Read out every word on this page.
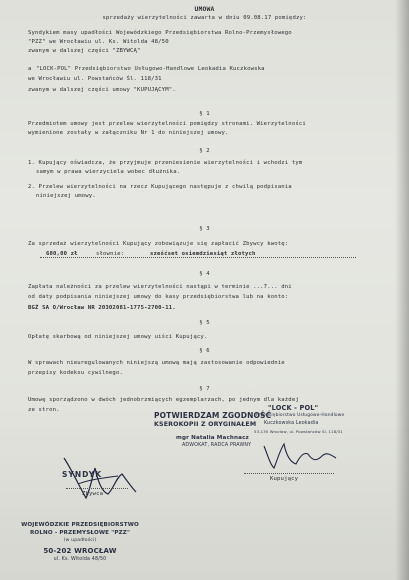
UMOWA
sprzedaży wierzytelności zawarta w dniu 09.08.17 pomiędzy:
Syndykiem masy upadłości Wojewódzkiego Przedsiębiorstwa Rolno-Przemysłowego
"PZZ" we Wrocławiu ul. Ks. Witolda 48/50
zwanym w dalszej części "ZBYWCĄ"
a "LOCK-POL" Przedsiębiorstwo Usługowo-Handlowe Leokadia Kuczkowska
we Wrocławiu ul. Powstańców Śl. 118/31
zwanym w dalszej części umowy "KUPUJĄCYM".
§ 1
Przedmiotem umowy jest przelew wierzytelności pomiędzy stronami. Wierzytelności
wymienione zostały w załączniku Nr 1 do niniejszej umowy.
§ 2
1. Kupujący oświadcza, że przyjmuje przeniesienie wierzytelności i wchodzi tym
samym w prawa wierzyciela wobec dłużnika.
2. Przelew wierzytelności na rzecz Kupującego następuje z chwilą podpisania
niniejszej umowy.
§ 3
Za sprzedaż wierzytelności Kupujący zobowiązuje się zapłacić Zbywcy kwotę:
680,00 zł	słownie:	sześćset osiemdziesiąt złotych
§ 4
Zapłata należności za przelew wierzytelności nastąpi w terminie ...7... dni
od daty podpisania niniejszej umowy do kasy przedsiębiorstwa lub na konto:
BGŻ SA O/Wrocław NR 20302081-1775-2700-11.
§ 5
Opłatę skarbową od niniejszej umowy uiści Kupujący.
§ 6
W sprawach nieuregulowanych niniejszą umową mają zastosowanie odpowiednie
przepisy kodeksu cywilnego.
§ 7
Umowę sporządzono w dwóch jednobrzmiących egzemplarzach, po jednym dla każdej
ze stron.
SYNDYK
Zbywca
WOJEWÓDZKIE PRZEDSIĘBIORSTWO
ROLNO - PRZEMYSŁOWE "PZZ"
(w upadłości)
50-202 WROCŁAW
ul. Ks. Witolda 48/50
POTWIERDZAM ZGODNOŚĆ
KSEROKOPII Z ORYGINAŁEM
mgr Natalia Machnacz
ADWOKAT, RADCA PRAWNY
"LOCK - POL"
Przedsiębiorstwo Usługowo-Handlowe
Kuczkowska Leokadia
53-135 Wrocław, ul. Powstańców Śl. 118/31
Kupujący
